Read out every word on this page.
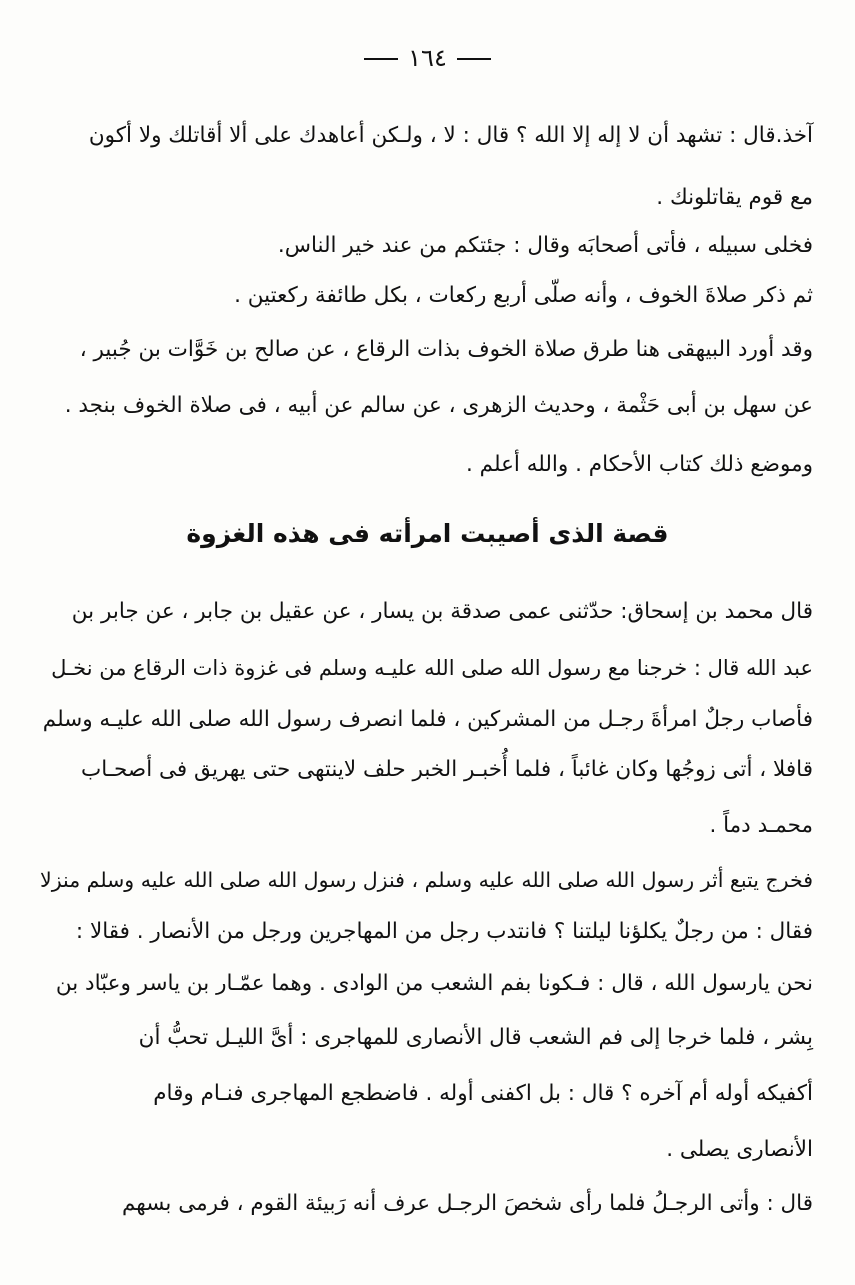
١٦٤
آخذ.قال : تشهد أن لا إله إلا الله ؟ قال : لا ، ولـكن أعاهدك على ألا أقاتلك ولا أكون
مع قوم يقاتلونك .
فخلى سبيله ، فأتى أصحابَه وقال : جئتكم من عند خير الناس.
ثم ذكر صلاةَ الخوف ، وأنه صلّى أربع ركعات ، بكل طائفة ركعتين .
وقد أورد البيهقى هنا طرق صلاة الخوف بذات الرقاع ، عن صالح بن خَوَّات بن جُبير ،
عن سهل بن أبى حَثْمة ، وحديث الزهرى ، عن سالم عن أبيه ، فى صلاة الخوف بنجد .
وموضع ذلك كتاب الأحكام . والله أعلم .
قصة الذى أصيبت امرأته فى هذه الغزوة
قال محمد بن إسحاق: حدّثنى عمى صدقة بن يسار ، عن عقيل بن جابر ، عن جابر بن
عبد الله قال : خرجنا مع رسول الله صلى الله عليـه وسلم فى غزوة ذات الرقاع من نخـل
فأصاب رجلٌ امرأةَ رجـل من المشركين ، فلما انصرف رسول الله صلى الله عليـه وسلم
قافلا ، أتى زوجُها وكان غائباً ، فلما أُخبـر الخبر حلف لاينتهى حتى يهريق فى أصحـاب
محمـد دماً .
فخرج يتبع أثر رسول الله صلى الله عليه وسلم ، فنزل رسول الله صلى الله عليه وسلم منزلا
فقال : من رجلٌ يكلؤنا ليلتنا ؟ فانتدب رجل من المهاجرين ورجل من الأنصار . فقالا :
نحن يارسول الله ، قال : فـكونا بفم الشعب من الوادى . وهما عمّـار بن ياسر وعبّاد بن
بِشر ، فلما خرجا إلى فم الشعب قال الأنصارى للمهاجرى : أىَّ الليـل تحبُّ أن
أكفيكه أوله أم آخره ؟ قال : بل اكفنى أوله . فاضطجع المهاجرى فنـام وقام
الأنصارى يصلى .
قال : وأتى الرجـلُ فلما رأى شخصَ الرجـل عرف أنه رَبيئة القوم ، فرمى بسهم
